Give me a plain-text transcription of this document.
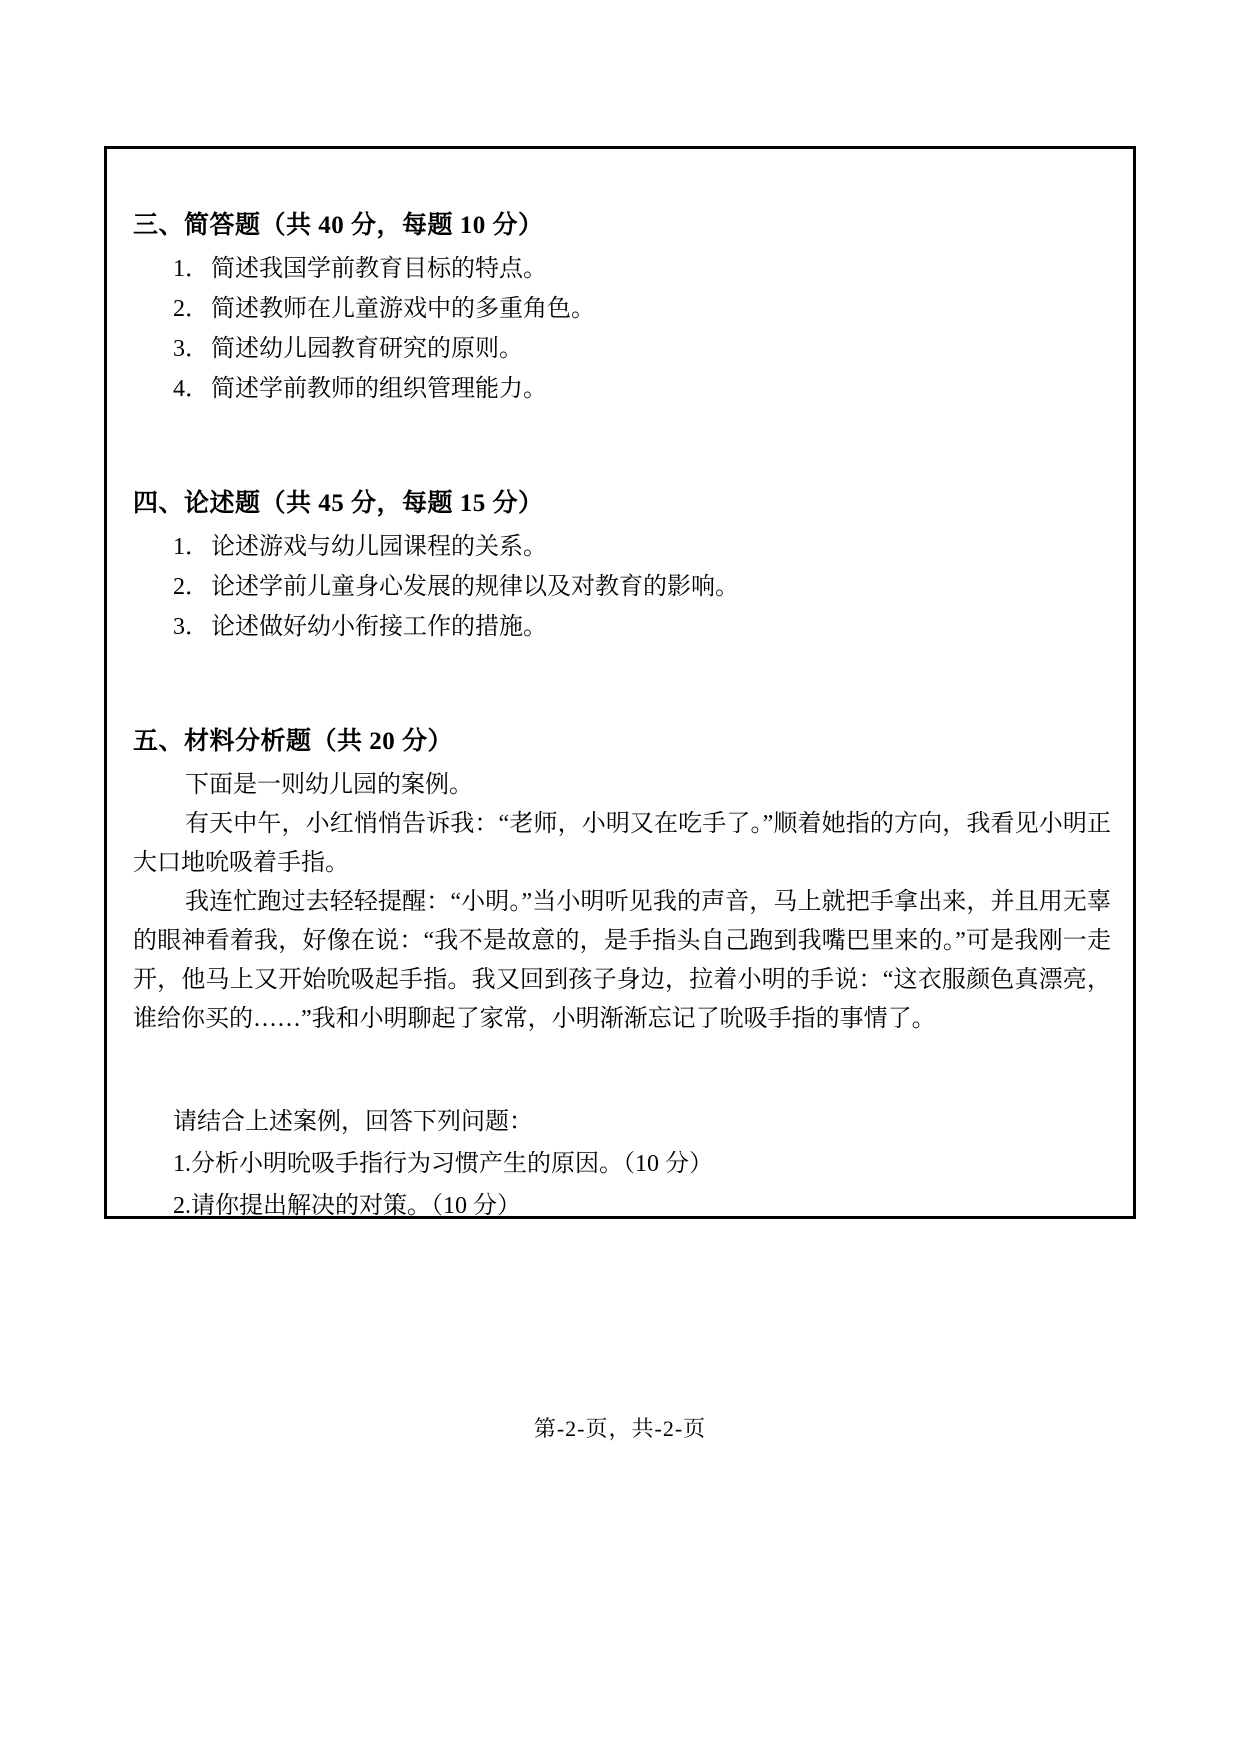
三、简答题（共 40 分，每题 10 分）

1．简述我国学前教育目标的特点。
2．简述教师在儿童游戏中的多重角色。
3．简述幼儿园教育研究的原则。
4．简述学前教师的组织管理能力。

四、论述题（共 45 分，每题 15 分）

1．论述游戏与幼儿园课程的关系。
2．论述学前儿童身心发展的规律以及对教育的影响。
3．论述做好幼小衔接工作的措施。

五、材料分析题（共 20 分）

下面是一则幼儿园的案例。

有天中午，小红悄悄告诉我：“老师，小明又在吃手了。”顺着她指的方向，我看见小明正大口地吮吸着手指。

我连忙跑过去轻轻提醒：“小明。”当小明听见我的声音，马上就把手拿出来，并且用无辜的眼神看着我，好像在说：“我不是故意的，是手指头自己跑到我嘴巴里来的。”可是我刚一走开，他马上又开始吮吸起手指。我又回到孩子身边，拉着小明的手说：“这衣服颜色真漂亮，谁给你买的……”我和小明聊起了家常，小明渐渐忘记了吮吸手指的事情了。

请结合上述案例，回答下列问题：

1.分析小明吮吸手指行为习惯产生的原因。（10 分）

2.请你提出解决的对策。（10 分）

第-2-页，共-2-页
